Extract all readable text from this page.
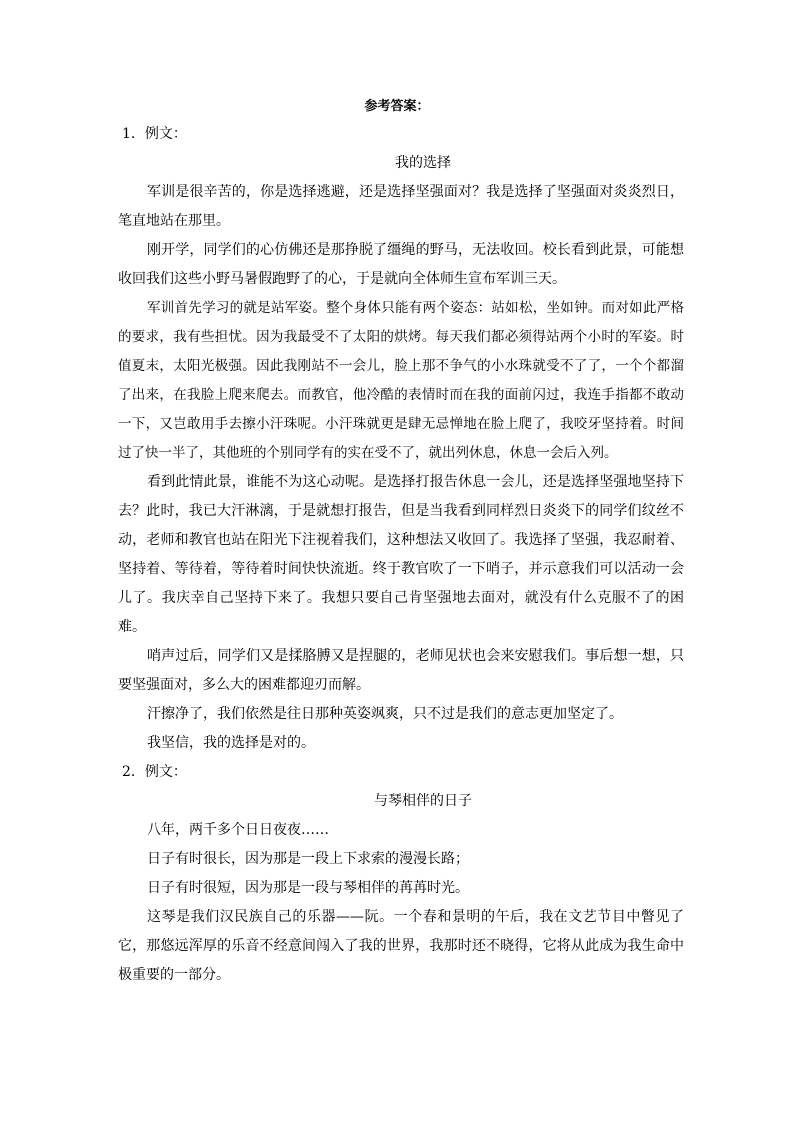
参考答案：

1．例文：

我的选择

军训是很辛苦的，你是选择逃避，还是选择坚强面对？我是选择了坚强面对炎炎烈日，笔直地站在那里。

刚开学，同学们的心仿佛还是那挣脱了缰绳的野马，无法收回。校长看到此景，可能想收回我们这些小野马暑假跑野了的心，于是就向全体师生宣布军训三天。

军训首先学习的就是站军姿。整个身体只能有两个姿态：站如松，坐如钟。而对如此严格的要求，我有些担忧。因为我最受不了太阳的烘烤。每天我们都必须得站两个小时的军姿。时值夏末，太阳光极强。因此我刚站不一会儿，脸上那不争气的小水珠就受不了了，一个个都溜了出来，在我脸上爬来爬去。而教官，他冷酷的表情时而在我的面前闪过，我连手指都不敢动一下，又岂敢用手去擦小汗珠呢。小汗珠就更是肆无忌惮地在脸上爬了，我咬牙坚持着。时间过了快一半了，其他班的个别同学有的实在受不了，就出列休息，休息一会后入列。

看到此情此景，谁能不为这心动呢。是选择打报告休息一会儿，还是选择坚强地坚持下去？此时，我已大汗淋漓，于是就想打报告，但是当我看到同样烈日炎炎下的同学们纹丝不动，老师和教官也站在阳光下注视着我们，这种想法又收回了。我选择了坚强，我忍耐着、坚持着、等待着，等待着时间快快流逝。终于教官吹了一下哨子，并示意我们可以活动一会儿了。我庆幸自己坚持下来了。我想只要自己肯坚强地去面对，就没有什么克服不了的困难。

哨声过后，同学们又是揉胳膊又是捏腿的，老师见状也会来安慰我们。事后想一想，只要坚强面对，多么大的困难都迎刃而解。

汗擦净了，我们依然是往日那种英姿飒爽，只不过是我们的意志更加坚定了。

我坚信，我的选择是对的。

2．例文：

与琴相伴的日子

八年，两千多个日日夜夜……

日子有时很长，因为那是一段上下求索的漫漫长路；

日子有时很短，因为那是一段与琴相伴的苒苒时光。

这琴是我们汉民族自己的乐器——阮。一个春和景明的午后，我在文艺节目中瞥见了它，那悠远浑厚的乐音不经意间闯入了我的世界，我那时还不晓得，它将从此成为我生命中极重要的一部分。
